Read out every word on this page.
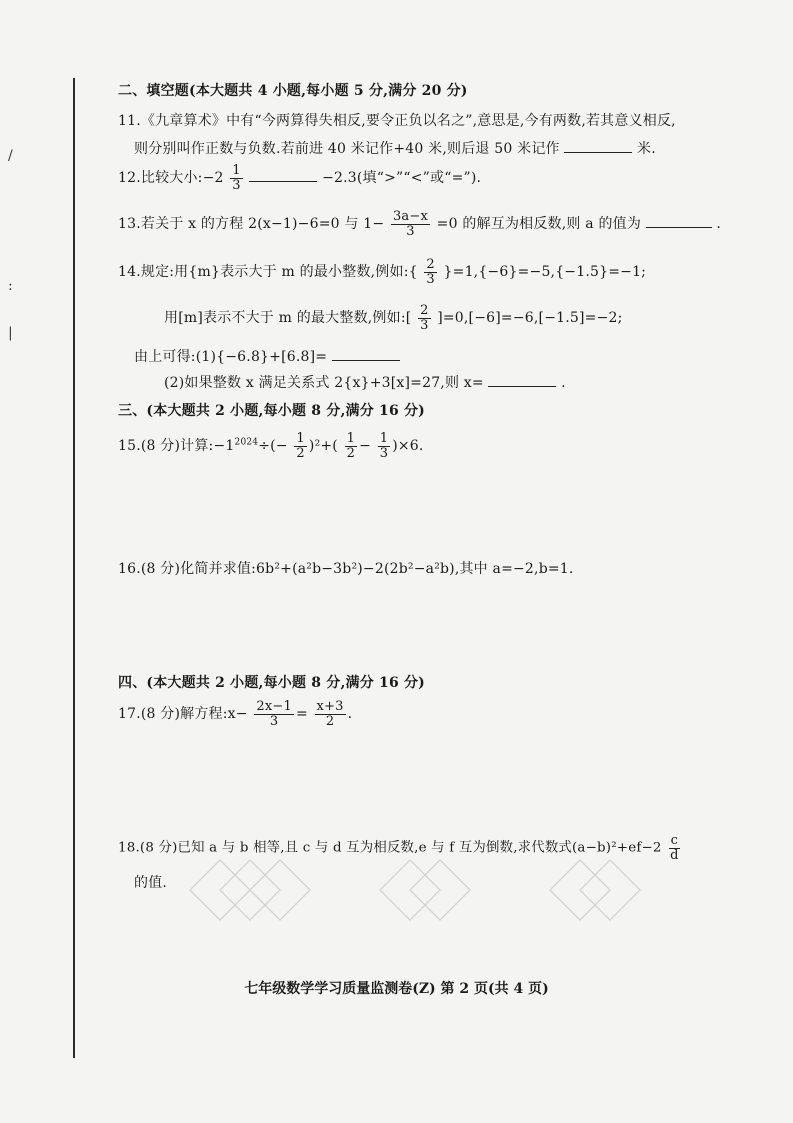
/
:
|
二、填空题(本大题共 4 小题,每小题 5 分,满分 20 分)
11.《九章算术》中有“今两算得失相反,要令正负以名之”,意思是,今有两数,若其意义相反,
则分别叫作正数与负数.若前进 40 米记作+40 米,则后退 50 米记作	米.
12.比较大小:−2 $\frac{1}{3}$	−2.3(填“>”“<”或“=”).
13.若关于 x 的方程 2(x−1)−6=0 与 $1- \frac{3a-x}{3} =0$ 的解互为相反数,则 a 的值为	.
14.规定:用{m}表示大于 m 的最小整数,例如:{ $\frac{2}{3} \}=1,\{-6\}=-5,\{-1.5\}=-1$;
用[m]表示不大于 m 的最大整数,例如:[ $\frac{2}{3} ]=0,[-6]=-6,[-1.5]=-2$;
由上可得:(1){−6.8}+[6.8]=
(2)如果整数 x 满足关系式 2{x}+3[x]=27,则 x=	.
三、(本大题共 2 小题,每小题 8 分,满分 16 分)
15.(8 分)计算$:-1^{2024}\div(- \frac{1}{2} )^2+( \frac{1}{2} - \frac{1}{3} )\times 6$.
16.(8 分)化简并求值:6b²+(a²b−3b²)−2(2b²−a²b),其中 a=−2,b=1.
四、(本大题共 2 小题,每小题 8 分,满分 16 分)
17.(8 分)解方程:x− $\frac{2x-1}{3} = \frac{x+3}{2}$ .
18.(8 分)已知 a 与 b 相等,且 c 与 d 互为相反数,e 与 f 互为倒数,求代数式$(a-b)^2+ef-2 \frac{c}{d}$
的值.
七年级数学学习质量监测卷(Z) 第 2 页(共 4 页)
